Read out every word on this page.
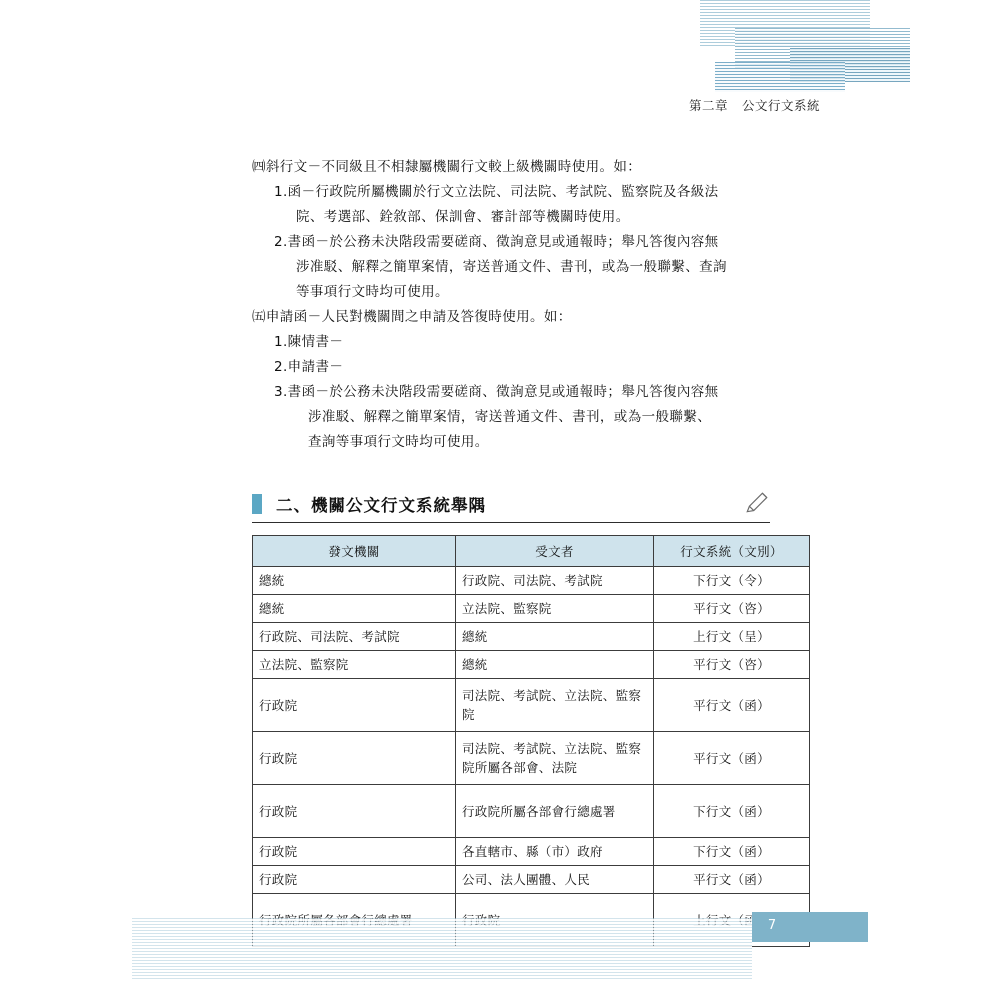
第二章 公文行文系統
㈣斜行文－不同級且不相隸屬機關行文較上級機關時使用。如：
1.函－行政院所屬機關於行文立法院、司法院、考試院、監察院及各級法
院、考選部、銓敘部、保訓會、審計部等機關時使用。
2.書函－於公務未決階段需要磋商、徵詢意見或通報時；舉凡答復內容無
涉准駁、解釋之簡單案情，寄送普通文件、書刊，或為一般聯繫、查詢
等事項行文時均可使用。
㈤申請函－人民對機關間之申請及答復時使用。如：
1.陳情書－
2.申請書－
3.書函－於公務未決階段需要磋商、徵詢意見或通報時；舉凡答復內容無
涉准駁、解釋之簡單案情，寄送普通文件、書刊，或為一般聯繫、
查詢等事項行文時均可使用。
二、機關公文行文系統舉隅
發文機關	受文者	行文系統（文別）
總統	行政院、司法院、考試院	下行文（令）
總統	立法院、監察院	平行文（咨）
行政院、司法院、考試院	總統	上行文（呈）
立法院、監察院	總統	平行文（咨）
行政院	司法院、考試院、立法院、監察院	平行文（函）
行政院	司法院、考試院、立法院、監察院所屬各部會、法院	平行文（函）
行政院	行政院所屬各部會行總處署	下行文（函）
行政院	各直轄市、縣（市）政府	下行文（函）
行政院	公司、法人團體、人民	平行文（函）

7
